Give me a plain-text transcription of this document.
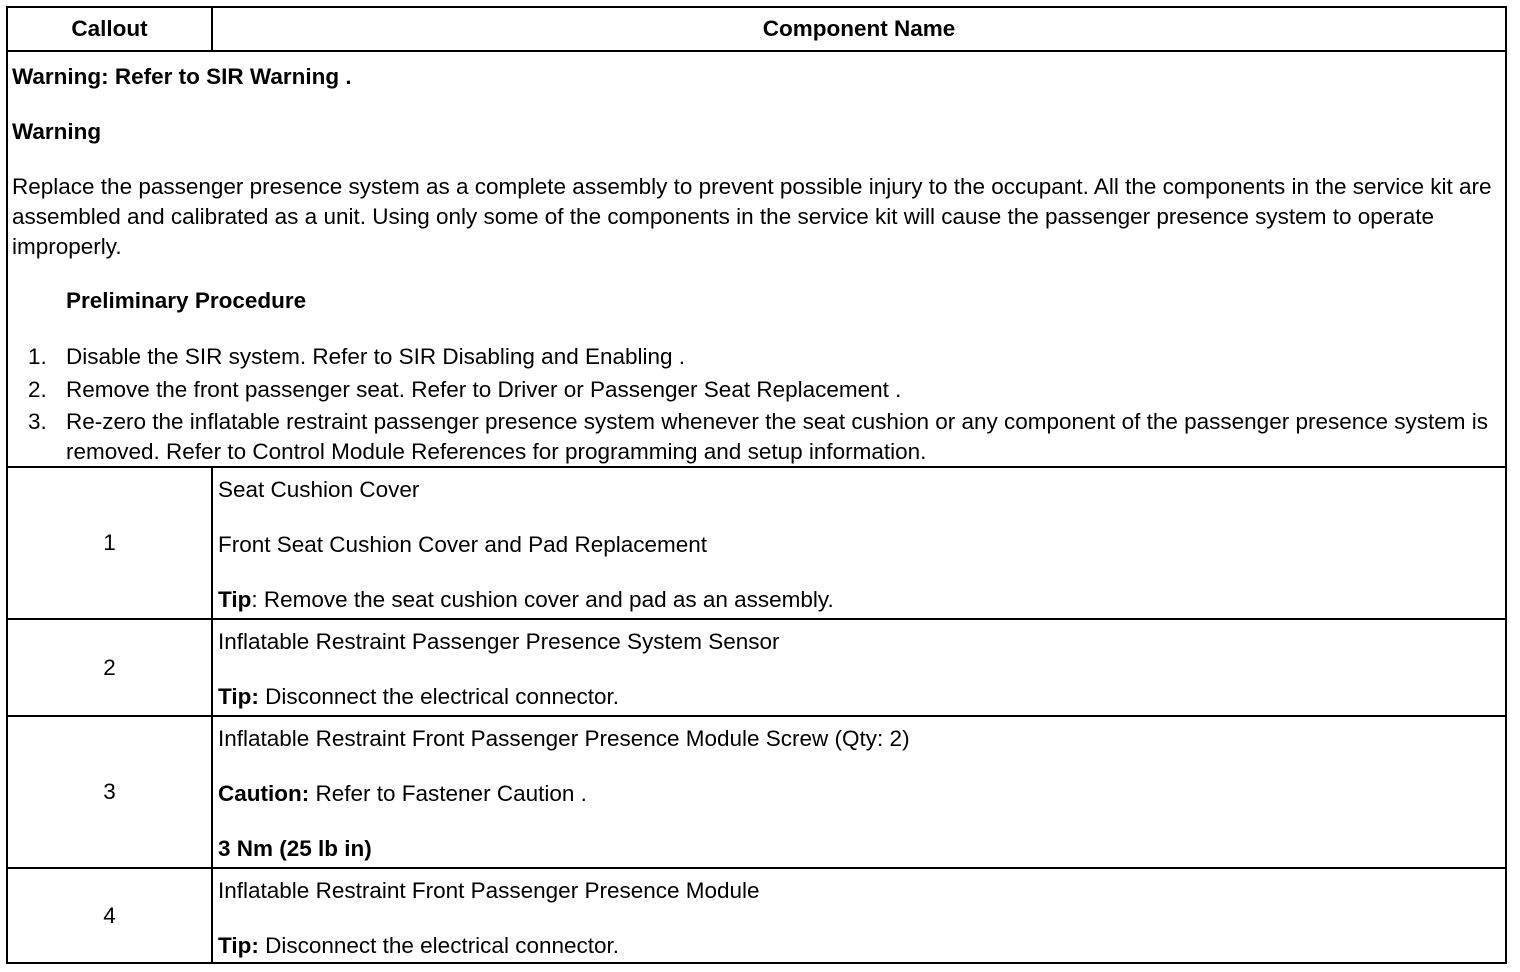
Callout	Component Name

Warning: Refer to SIR Warning .

Warning

Replace the passenger presence system as a complete assembly to prevent possible injury to the occupant. All the components in the service kit are assembled and calibrated as a unit. Using only some of the components in the service kit will cause the passenger presence system to operate improperly.

Preliminary Procedure

1. Disable the SIR system. Refer to SIR Disabling and Enabling .
2. Remove the front passenger seat. Refer to Driver or Passenger Seat Replacement .
3. Re-zero the inflatable restraint passenger presence system whenever the seat cushion or any component of the passenger presence system is removed. Refer to Control Module References for programming and setup information.
1
Seat Cushion Cover
Front Seat Cushion Cover and Pad Replacement
Tip: Remove the seat cushion cover and pad as an assembly.
2
Inflatable Restraint Passenger Presence System Sensor
Tip: Disconnect the electrical connector.
3
Inflatable Restraint Front Passenger Presence Module Screw (Qty: 2)
Caution: Refer to Fastener Caution .
3 Nm (25 lb in)
4
Inflatable Restraint Front Passenger Presence Module
Tip: Disconnect the electrical connector.
